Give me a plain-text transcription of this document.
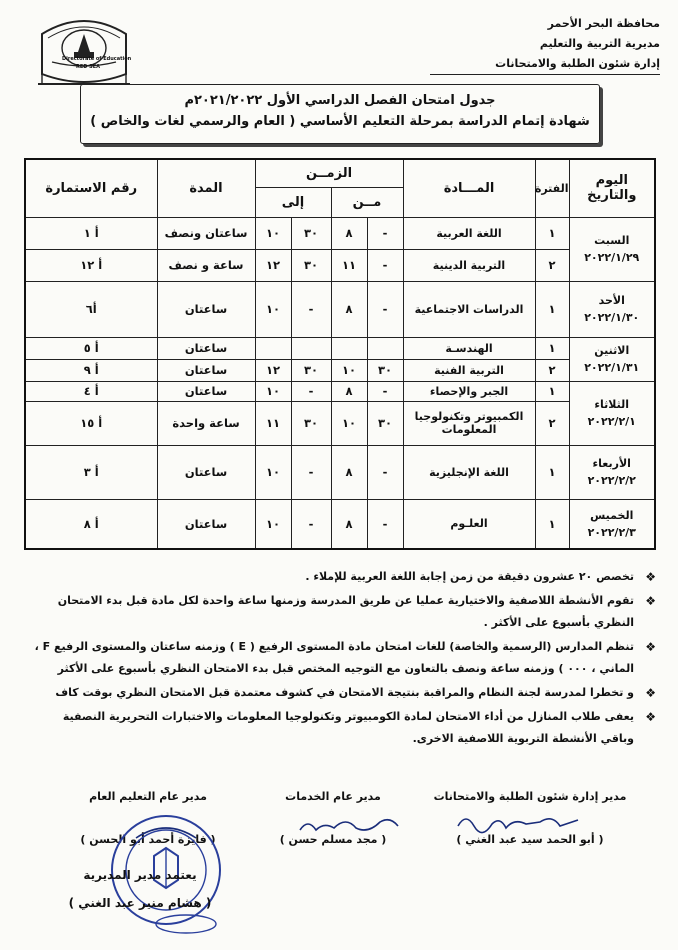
محافظة البحر الأحمر
مديرية التربية والتعليم
إدارة شئون الطلبة والامتحانات
Directorate of Education
RED SEA
جدول امتحان الفصل الدراسي الأول ٢٠٢١/٢٠٢٢م
شهادة إتمام الدراسة بمرحلة التعليم الأساسي ( العام والرسمي لغات والخاص )
اليوم والتاريخ	الفترة	المـــادة	الزمــن				المدة	رقم الاستمارة
			مــن		إلى			

السبت
٢٠٢٢/١/٢٩	١	اللغة العربية	-	٨	٣٠	١٠	ساعتان ونصف	أ ١
	٢	التربية الدينية	-	١١	٣٠	١٢	ساعة و نصف	أ ١٢

الأحد
٢٠٢٢/١/٣٠	١	الدراسات الاجتماعية	-	٨	-	١٠	ساعتان	أ٦

الاثنين
٢٠٢٢/١/٣١	١	الهندسـة					ساعتان	أ ٥
	٢	التربية الفنية	٣٠	١٠	٣٠	١٢	ساعتان	أ ٩

الثلاثاء
٢٠٢٢/٢/١	١	الجبر والإحصاء	-	٨	-	١٠	ساعتان	أ ٤
	٢	الكمبيوتر وتكنولوجيا المعلومات	٣٠	١٠	٣٠	١١	ساعة واحدة	أ ١٥

الأربعاء
٢٠٢٢/٢/٢	١	اللغة الإنجليزية	-	٨	-	١٠	ساعتان	أ ٣

الخميس
٢٠٢٢/٢/٣	١	العلـوم	-	٨	-	١٠	ساعتان	أ ٨
❖
تخصص ٢٠ عشرون دقيقة من زمن إجابة اللغة العربية للإملاء .
❖
تقوم الأنشطة اللاصفية والاختيارية عمليا عن طريق المدرسة وزمنها ساعة واحدة لكل مادة قبل بدء الامتحان النظري بأسبوع على الأكثر .
❖
تنظم المدارس (الرسمية والخاصة) للغات امتحان مادة المستوى الرفيع ( E ) وزمنه ساعتان والمستوى الرفيع F ، الماني ، ٠٠٠ ) وزمنه ساعة ونصف بالتعاون مع التوجيه المختص قبل بدء الامتحان النظري بأسبوع على الأكثر
❖
و تخطرا لمدرسة لجنة النظام والمراقبة بنتيجة الامتحان في كشوف معتمدة قبل الامتحان النظري بوقت كاف
❖
يعفى طلاب المنازل من أداء الامتحان لمادة الكومبيوتر وتكنولوجيا المعلومات والاختبارات التحريرية النصفية وباقي الأنشطة التربوية اللاصفية الاخرى.
مدير إدارة شئون الطلبة والامتحانات
( أبو الحمد سيد عبد الغني )
مدير عام الخدمات
( مجد مسلم حسن )
مدير عام التعليم العام
( فايزة أحمد أبو الحسن )
يعتمد مدير المديرية
( هشام منير عبد الغني )
